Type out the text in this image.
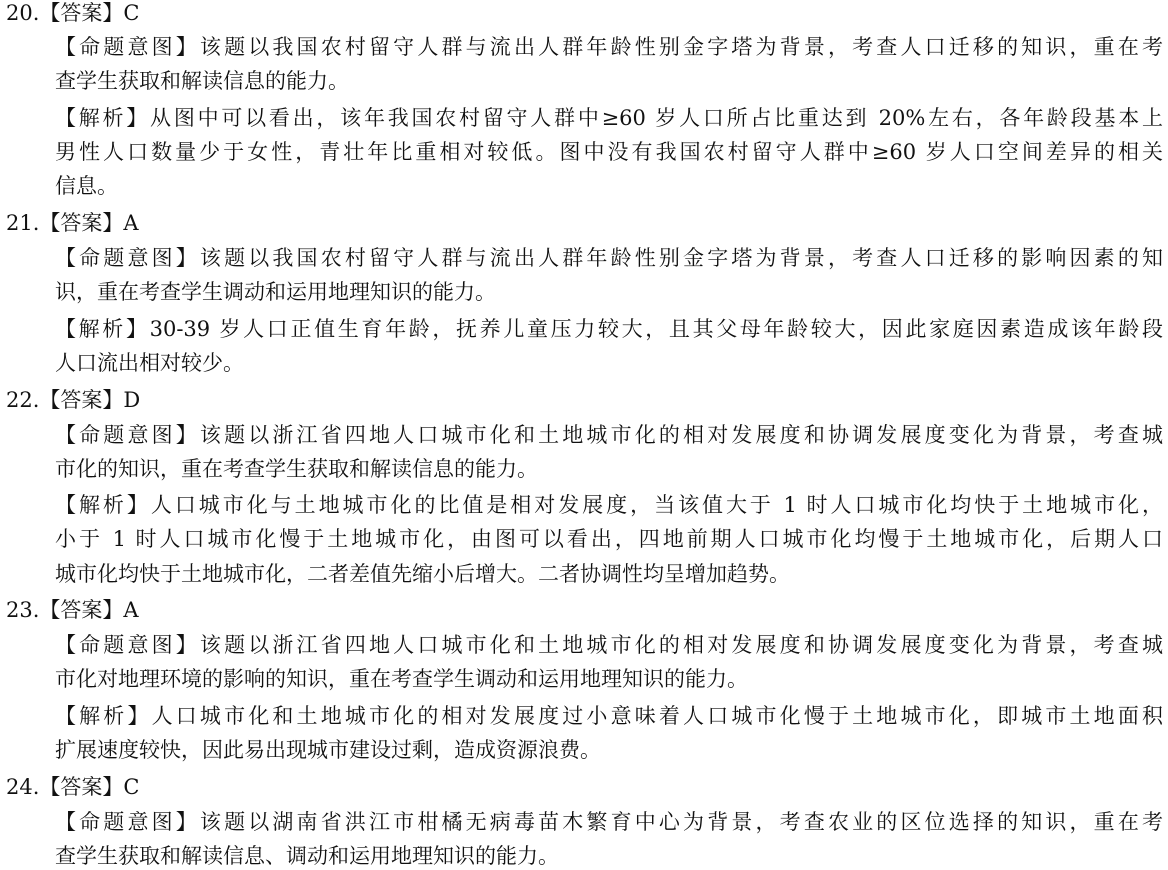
20.【答案】C
【命题意图】该题以我国农村留守人群与流出人群年龄性别金字塔为背景，考查人口迁移的知识，重在考
查学生获取和解读信息的能力。
【解析】从图中可以看出，该年我国农村留守人群中≥60 岁人口所占比重达到 20%左右，各年龄段基本上
男性人口数量少于女性，青壮年比重相对较低。图中没有我国农村留守人群中≥60 岁人口空间差异的相关
信息。
21.【答案】A
【命题意图】该题以我国农村留守人群与流出人群年龄性别金字塔为背景，考查人口迁移的影响因素的知
识，重在考查学生调动和运用地理知识的能力。
【解析】30-39 岁人口正值生育年龄，抚养儿童压力较大，且其父母年龄较大，因此家庭因素造成该年龄段
人口流出相对较少。
22.【答案】D
【命题意图】该题以浙江省四地人口城市化和土地城市化的相对发展度和协调发展度变化为背景，考查城
市化的知识，重在考查学生获取和解读信息的能力。
【解析】人口城市化与土地城市化的比值是相对发展度，当该值大于 1 时人口城市化均快于土地城市化，
小于 1 时人口城市化慢于土地城市化，由图可以看出，四地前期人口城市化均慢于土地城市化，后期人口
城市化均快于土地城市化，二者差值先缩小后增大。二者协调性均呈增加趋势。
23.【答案】A
【命题意图】该题以浙江省四地人口城市化和土地城市化的相对发展度和协调发展度变化为背景，考查城
市化对地理环境的影响的知识，重在考查学生调动和运用地理知识的能力。
【解析】人口城市化和土地城市化的相对发展度过小意味着人口城市化慢于土地城市化，即城市土地面积
扩展速度较快，因此易出现城市建设过剩，造成资源浪费。
24.【答案】C
【命题意图】该题以湖南省洪江市柑橘无病毒苗木繁育中心为背景，考查农业的区位选择的知识，重在考
查学生获取和解读信息、调动和运用地理知识的能力。
